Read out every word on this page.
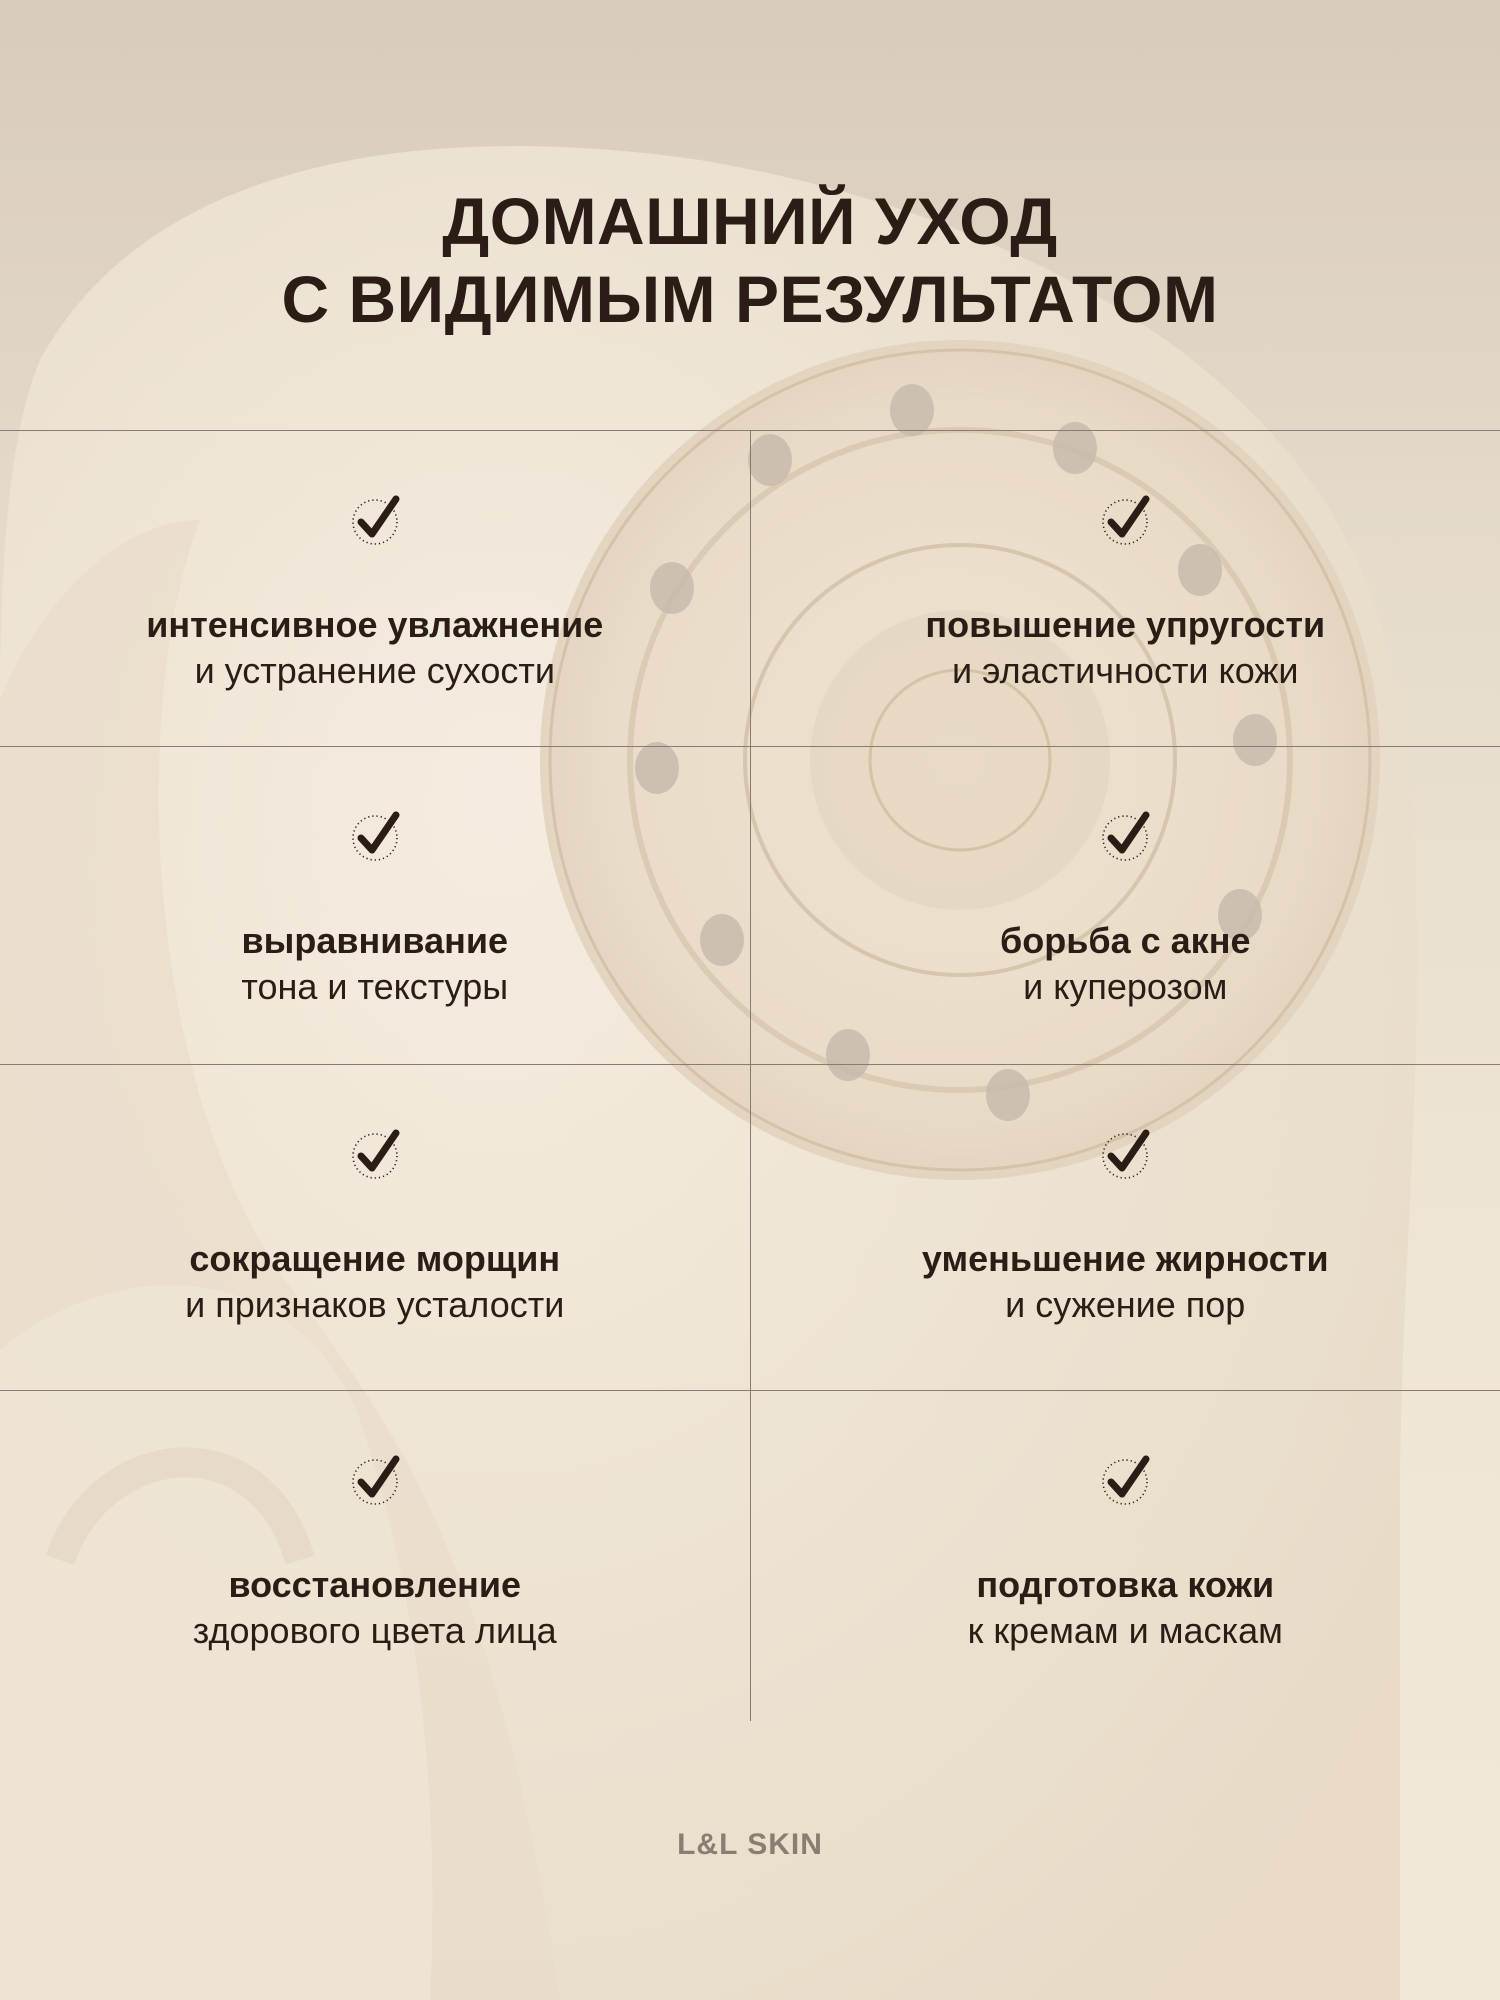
ДОМАШНИЙ УХОД
С ВИДИМЫМ РЕЗУЛЬТАТОМ
интенсивное увлажнение
и устранение сухости
повышение упругости
и эластичности кожи
выравнивание
тона и текстуры
борьба с акне
и куперозом
сокращение морщин
и признаков усталости
уменьшение жирности
и сужение пор
восстановление
здорового цвета лица
подготовка кожи
к кремам и маскам
L&L SKIN
